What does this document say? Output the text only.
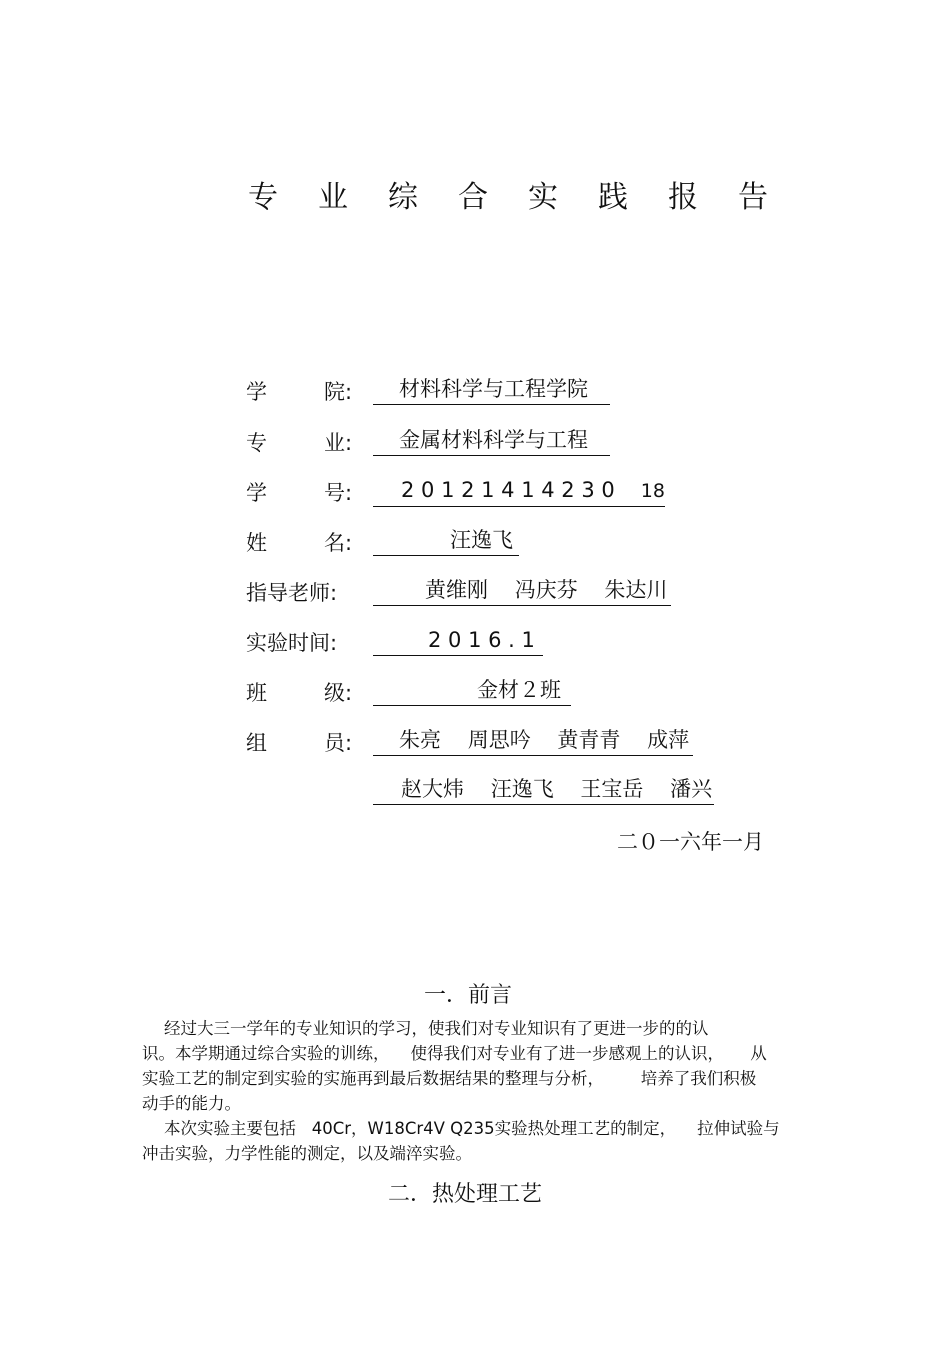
专业综合实践报告
学	院:	材料科学与工程学院
专	业:	金属材料科学与工程
学	号:	2 0 1 2 1 4 1 4 2 3 0 18
姓	名:	汪逸飞
指导老师:	黄维刚    冯庆芬    朱达川
实验时间:	2 0 1 6 . 1
班	级:	金材２班
组	员:	朱亮    周思吟    黄青青    成萍
赵大炜    汪逸飞    王宝岳    潘兴
二０一六年一月
一．前言
经过大三一学年的专业知识的学习，使我们对专业知识有了更进一步的的认
识。本学期通过综合实验的训练，    使得我们对专业有了进一步感观上的认识，     从
实验工艺的制定到实验的实施再到最后数据结果的整理与分析，       培养了我们积极
动手的能力。
本次实验主要包括   40Cr，W18Cr4V Q235实验热处理工艺的制定，    拉伸试验与
冲击实验，力学性能的测定，以及端淬实验。
二．热处理工艺
